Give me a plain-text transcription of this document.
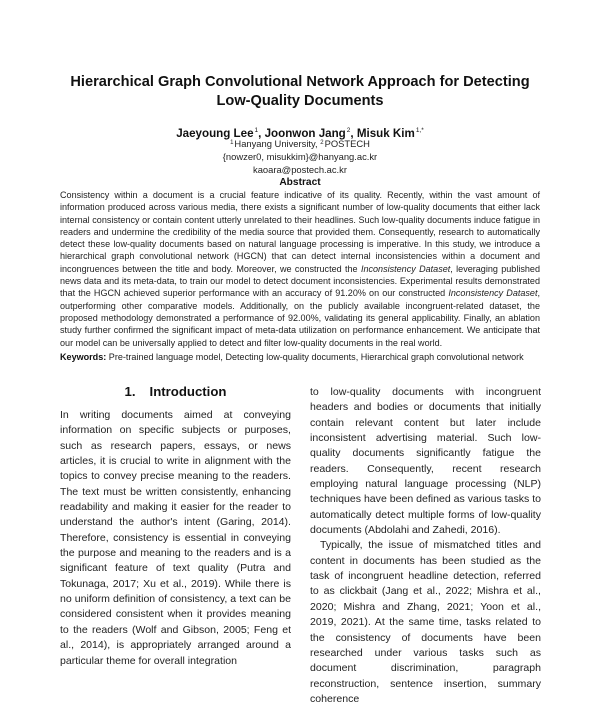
Hierarchical Graph Convolutional Network Approach for Detecting Low-Quality Documents
Jaeyoung Lee$^1$, Joonwon Jang$^2$, Misuk Kim$^{1,*}$
$^1$Hanyang University, $^2$POSTECH
{nowzer0, misukkim}@hanyang.ac.kr
kaoara@postech.ac.kr
Abstract

Consistency within a document is a crucial feature indicative of its quality. Recently, within the vast amount of information produced across various media, there exists a significant number of low-quality documents that either lack internal consistency or contain content utterly unrelated to their headlines. Such low-quality documents induce fatigue in readers and undermine the credibility of the media source that provided them. Consequently, research to automatically detect these low-quality documents based on natural language processing is imperative. In this study, we introduce a hierarchical graph convolutional network (HGCN) that can detect internal inconsistencies within a document and incongruences between the title and body. Moreover, we constructed the Inconsistency Dataset, leveraging published news data and its meta-data, to train our model to detect document inconsistencies. Experimental results demonstrated that the HGCN achieved superior performance with an accuracy of 91.20% on our constructed Inconsistency Dataset, outperforming other comparative models. Additionally, on the publicly available incongruent-related dataset, the proposed methodology demonstrated a performance of 92.00%, validating its general applicability. Finally, an ablation study further confirmed the significant impact of meta-data utilization on performance enhancement. We anticipate that our model can be universally applied to detect and filter low-quality documents in the real world.

Keywords: Pre-trained language model, Detecting low-quality documents, Hierarchical graph convolutional network

1. Introduction

In writing documents aimed at conveying information on specific subjects or purposes, such as research papers, essays, or news articles, it is crucial to write in alignment with the topics to convey precise meaning to the readers. The text must be written consistently, enhancing readability and making it easier for the reader to understand the author's intent (Garing, 2014). Therefore, consistency is essential in conveying the purpose and meaning to the readers and is a significant feature of text quality (Putra and Tokunaga, 2017; Xu et al., 2019). While there is no uniform definition of consistency, a text can be considered consistent when it provides meaning to the readers (Wolf and Gibson, 2005; Feng et al., 2014), is appropriately arranged around a particular theme for overall integration

to low-quality documents with incongruent headers and bodies or documents that initially contain relevant content but later include inconsistent advertising material. Such low-quality documents significantly fatigue the readers. Consequently, recent research employing natural language processing (NLP) techniques have been defined as various tasks to automatically detect multiple forms of low-quality documents (Abdolahi and Zahedi, 2016).

Typically, the issue of mismatched titles and content in documents has been studied as the task of incongruent headline detection, referred to as clickbait (Jang et al., 2022; Mishra et al., 2020; Mishra and Zhang, 2021; Yoon et al., 2019, 2021). At the same time, tasks related to the consistency of documents have been researched under various tasks such as document discrimination, paragraph reconstruction, sentence insertion, summary coherence
